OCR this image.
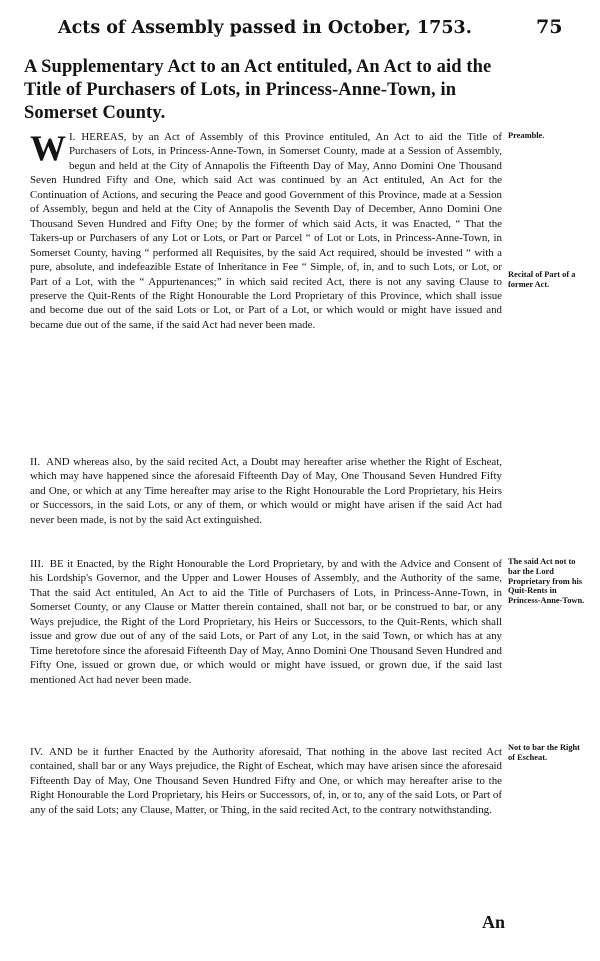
Acts of Assembly passed in October, 1753.	75
A Supplementary Act to an Act entituled, An Act to aid the Title of Purchasers of Lots, in Princess-Anne-Town, in Somerset County.
I.
W HEREAS, by an Act of Assembly of this Province entituled, An Act to aid the Title of Purchasers of Lots, in Princess-Anne-Town, in Somerset County, made at a Session of Assembly, begun and held at the City of Annapolis the Fifteenth Day of May, Anno Domini One Thousand Seven Hundred Fifty and One, which said Act was continued by an Act entituled, An Act for the Continuation of Actions, and securing the Peace and good Government of this Province, made at a Session of Assembly, begun and held at the City of Annapolis the Seventh Day of December, Anno Domini One Thousand Seven Hundred and Fifty One; by the former of which said Acts, it was Enacted, “ That the Takers-up or Purchasers of any Lot or Lots, or Part or Parcel “ of Lot or Lots, in Princess-Anne-Town, in Somerset County, having “ performed all Requisites, by the said Act required, should be invested “ with a pure, absolute, and indefeazible Estate of Inheritance in Fee “ Simple, of, in, and to such Lots, or Lot, or Part of a Lot, with the “ Appurtenances;” in which said recited Act, there is not any saving Clause to preserve the Quit-Rents of the Right Honourable the Lord Proprietary of this Province, which shall issue and become due out of the said Lots or Lot, or Part of a Lot, or which would or might have issued and became due out of the same, if the said Act had never been made.
II. AND whereas also, by the said recited Act, a Doubt may hereafter arise whether the Right of Escheat, which may have happened since the aforesaid Fifteenth Day of May, One Thousand Seven Hundred Fifty and One, or which at any Time hereafter may arise to the Right Honourable the Lord Proprietary, his Heirs or Successors, in the said Lots, or any of them, or which would or might have arisen if the said Act had never been made, is not by the said Act extinguished.
III. BE it Enacted, by the Right Honourable the Lord Proprietary, by and with the Advice and Consent of his Lordship's Governor, and the Upper and Lower Houses of Assembly, and the Authority of the same, That the said Act entituled, An Act to aid the Title of Purchasers of Lots, in Princess-Anne-Town, in Somerset County, or any Clause or Matter therein contained, shall not bar, or be construed to bar, or any Ways prejudice, the Right of the Lord Proprietary, his Heirs or Successors, to the Quit-Rents, which shall issue and grow due out of any of the said Lots, or Part of any Lot, in the said Town, or which has at any Time heretofore since the aforesaid Fifteenth Day of May, Anno Domini One Thousand Seven Hundred and Fifty One, issued or grown due, or which would or might have issued, or grown due, if the said last mentioned Act had never been made.
IV. AND be it further Enacted by the Authority aforesaid, That nothing in the above last recited Act contained, shall bar or any Ways prejudice, the Right of Escheat, which may have arisen since the aforesaid Fifteenth Day of May, One Thousand Seven Hundred Fifty and One, or which may hereafter arise to the Right Honourable the Lord Proprietary, his Heirs or Successors, of, in, or to, any of the said Lots, or Part of any of the said Lots; any Clause, Matter, or Thing, in the said recited Act, to the contrary notwithstanding.
Preamble.
Recital of Part of a former Act.
The said Act not to bar the Lord Proprietary from his Quit-Rents in Princess-Anne-Town.
Not to bar the Right of Escheat.
An
